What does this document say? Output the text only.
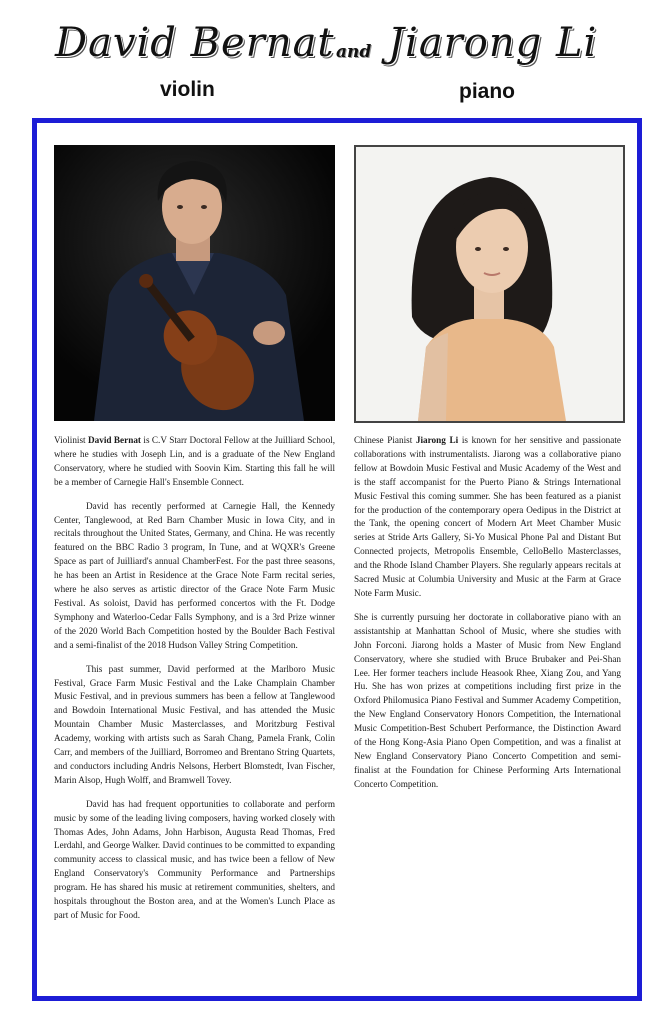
David Bernat and Jiarong Li
violin	piano

Violinist David Bernat is C.V Starr Doctoral Fellow at the Juilliard School, where he studies with Joseph Lin, and is a graduate of the New England Conservatory, where he studied with Soovin Kim. Starting this fall he will be a member of Carnegie Hall's Ensemble Connect.

David has recently performed at Carnegie Hall, the Kennedy Center, Tanglewood, at Red Barn Chamber Music in Iowa City, and in recitals throughout the United States, Germany, and China. He was recently featured on the BBC Radio 3 program, In Tune, and at WQXR's Greene Space as part of Juilliard's annual ChamberFest. For the past three seasons, he has been an Artist in Residence at the Grace Note Farm recital series, where he also serves as artistic director of the Grace Note Farm Music Festival. As soloist, David has performed concertos with the Ft. Dodge Symphony and Waterloo-Cedar Falls Symphony, and is a 3rd Prize winner of the 2020 World Bach Competition hosted by the Boulder Bach Festival and a semi-finalist of the 2018 Hudson Valley String Competition.

This past summer, David performed at the Marlboro Music Festival, Grace Farm Music Festival and the Lake Champlain Chamber Music Festival, and in previous summers has been a fellow at Tanglewood and Bowdoin International Music Festival, and has attended the Music Mountain Chamber Music Masterclasses, and Moritzburg Festival Academy, working with artists such as Sarah Chang, Pamela Frank, Colin Carr, and members of the Juilliard, Borromeo and Brentano String Quartets, and conductors including Andris Nelsons, Herbert Blomstedt, Ivan Fischer, Marin Alsop, Hugh Wolff, and Bramwell Tovey.

David has had frequent opportunities to collaborate and perform music by some of the leading living composers, having worked closely with Thomas Ades, John Adams, John Harbison, Augusta Read Thomas, Fred Lerdahl, and George Walker. David continues to be committed to expanding community access to classical music, and has twice been a fellow of New England Conservatory's Community Performance and Partnerships program. He has shared his music at retirement communities, shelters, and hospitals throughout the Boston area, and at the Women's Lunch Place as part of Music for Food.

Chinese Pianist Jiarong Li is known for her sensitive and passionate collaborations with instrumentalists. Jiarong was a collaborative piano fellow at Bowdoin Music Festival and Music Academy of the West and is the staff accompanist for the Puerto Piano & Strings International Music Festival this coming summer. She has been featured as a pianist for the production of the contemporary opera Oedipus in the District at the Tank, the opening concert of Modern Art Meet Chamber Music series at Stride Arts Gallery, Si-Yo Musical Phone Pal and Distant But Connected projects, Metropolis Ensemble, CelloBello Masterclasses, and the Rhode Island Chamber Players. She regularly appears recitals at Sacred Music at Columbia University and Music at the Farm at Grace Note Farm Music.

She is currently pursuing her doctorate in collaborative piano with an assistantship at Manhattan School of Music, where she studies with John Forconi. Jiarong holds a Master of Music from New England Conservatory, where she studied with Bruce Brubaker and Pei-Shan Lee. Her former teachers include Heasook Rhee, Xiang Zou, and Yang Hu. She has won prizes at competitions including first prize in the Oxford Philomusica Piano Festival and Summer Academy Competition, the New England Conservatory Honors Competition, the International Music Competition-Best Schubert Performance, the Distinction Award of the Hong Kong-Asia Piano Open Competition, and was a finalist at New England Conservatory Piano Concerto Competition and semi-finalist at the Foundation for Chinese Performing Arts International Concerto Competition.
